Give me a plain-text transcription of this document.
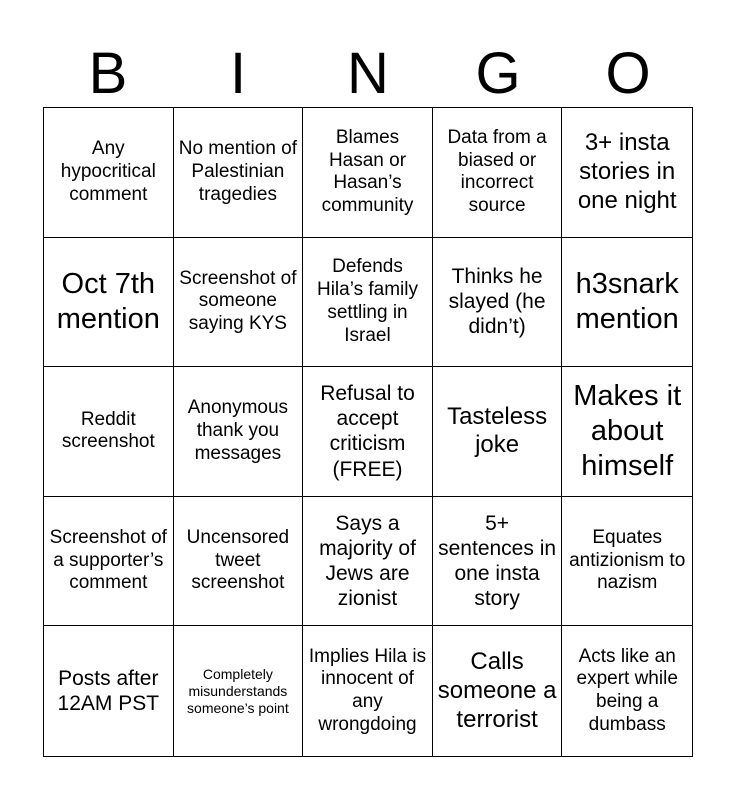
B	I	N	G	O
Any hypocritical comment
No mention of Palestinian tragedies
Blames Hasan or Hasan’s community
Data from a biased or incorrect source
3+ insta stories in one night
Oct 7th mention
Screenshot of someone saying KYS
Defends Hila’s family settling in Israel
Thinks he slayed (he didn’t)
h3snark mention
Reddit screenshot
Anonymous thank you messages
Refusal to accept criticism (FREE)
Tasteless joke
Makes it about himself
Screenshot of a supporter’s comment
Uncensored tweet screenshot
Says a majority of Jews are zionist
5+ sentences in one insta story
Equates antizionism to nazism
Posts after 12AM PST
Completely misunderstands someone’s point
Implies Hila is innocent of any wrongdoing
Calls someone a terrorist
Acts like an expert while being a dumbass
